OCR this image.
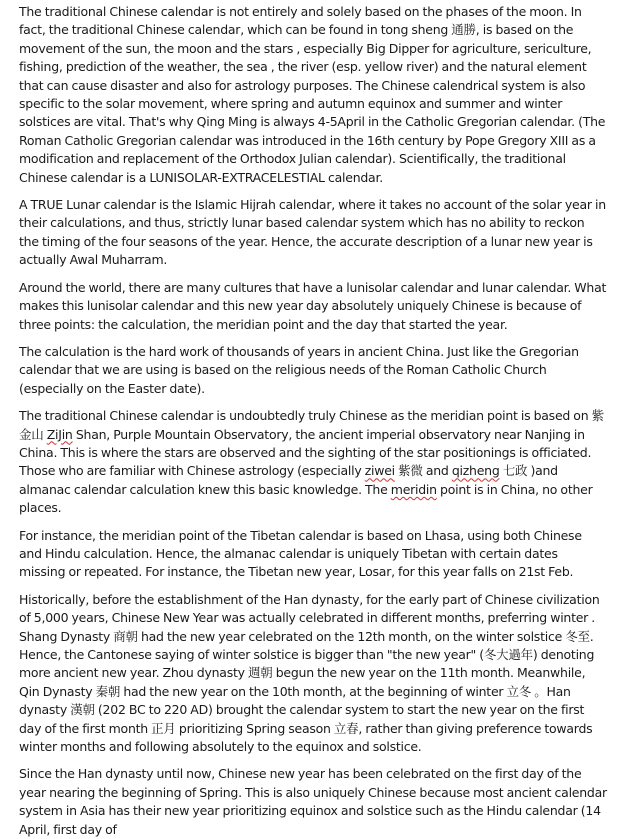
The traditional Chinese calendar is not entirely and solely based on the phases of the moon. In fact, the traditional Chinese calendar, which can be found in tong sheng 通勝, is based on the movement of the sun, the moon and the stars , especially Big Dipper for agriculture, sericulture, fishing, prediction of the weather, the sea , the river (esp. yellow river) and the natural element that can cause disaster and also for astrology purposes. The Chinese calendrical system is also specific to the solar movement, where spring and autumn equinox and summer and winter solstices are vital. That's why Qing Ming is always 4-5April in the Catholic Gregorian calendar. (The Roman Catholic Gregorian calendar was introduced in the 16th century by Pope Gregory XIII as a modification and replacement of the Orthodox Julian calendar). Scientifically, the traditional Chinese calendar is a LUNISOLAR-EXTRACELESTIAL calendar.

A TRUE Lunar calendar is the Islamic Hijrah calendar, where it takes no account of the solar year in their calculations, and thus, strictly lunar based calendar system which has no ability to reckon the timing of the four seasons of the year. Hence, the accurate description of a lunar new year is actually Awal Muharram.

Around the world, there are many cultures that have a lunisolar calendar and lunar calendar. What makes this lunisolar calendar and this new year day absolutely uniquely Chinese is because of three points: the calculation, the meridian point and the day that started the year.

The calculation is the hard work of thousands of years in ancient China. Just like the Gregorian calendar that we are using is based on the religious needs of the Roman Catholic Church (especially on the Easter date).

The traditional Chinese calendar is undoubtedly truly Chinese as the meridian point is based on 紫金山 ZiJin Shan, Purple Mountain Observatory, the ancient imperial observatory near Nanjing in China. This is where the stars are observed and the sighting of the star positionings is officiated. Those who are familiar with Chinese astrology (especially ziwei 紫微 and qizheng 七政 )and almanac calendar calculation knew this basic knowledge. The meridin point is in China, no other places.

For instance, the meridian point of the Tibetan calendar is based on Lhasa, using both Chinese and Hindu calculation. Hence, the almanac calendar is uniquely Tibetan with certain dates missing or repeated. For instance, the Tibetan new year, Losar, for this year falls on 21st Feb.

Historically, before the establishment of the Han dynasty, for the early part of Chinese civilization of 5,000 years, Chinese New Year was actually celebrated in different months, preferring winter . Shang Dynasty 商朝 had the new year celebrated on the 12th month, on the winter solstice 冬至. Hence, the Cantonese saying of winter solstice is bigger than "the new year" (冬大過年) denoting more ancient new year. Zhou dynasty 週朝 begun the new year on the 11th month. Meanwhile, Qin Dynasty 秦朝 had the new year on the 10th month, at the beginning of winter 立冬 。Han dynasty 漢朝 (202 BC to 220 AD) brought the calendar system to start the new year on the first day of the first month 正月 prioritizing Spring season 立春, rather than giving preference towards winter months and following absolutely to the equinox and solstice.

Since the Han dynasty until now, Chinese new year has been celebrated on the first day of the year nearing the beginning of Spring. This is also uniquely Chinese because most ancient calendar system in Asia has their new year prioritizing equinox and solstice such as the Hindu calendar (14 April, first day of
